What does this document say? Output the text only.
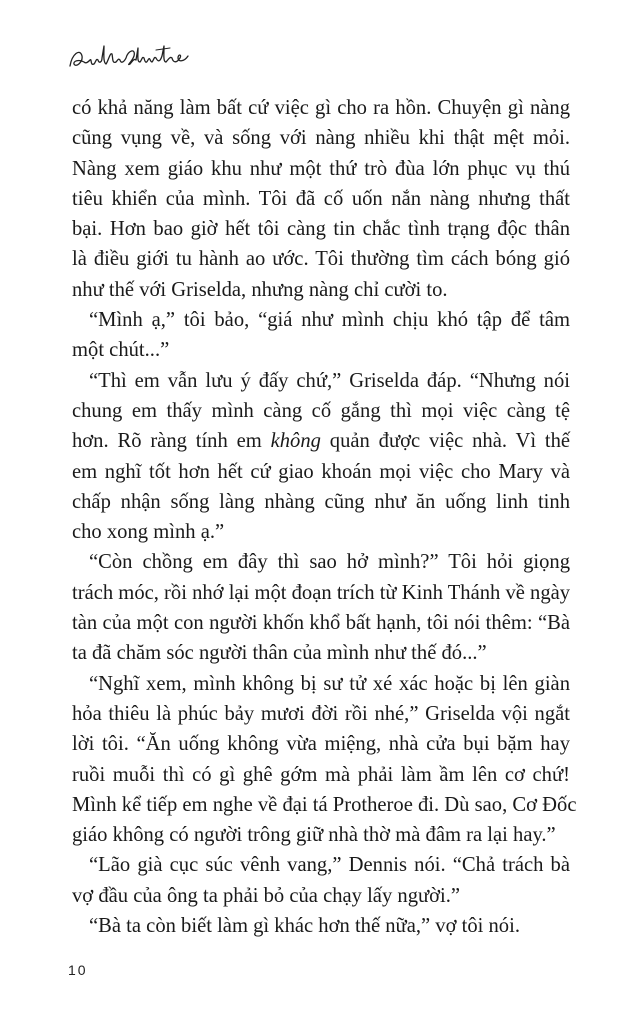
có khả năng làm bất cứ việc gì cho ra hồn. Chuyện gì nàng
cũng vụng về, và sống với nàng nhiều khi thật mệt mỏi.
Nàng xem giáo khu như một thứ trò đùa lớn phục vụ thú
tiêu khiển của mình. Tôi đã cố uốn nắn nàng nhưng thất
bại. Hơn bao giờ hết tôi càng tin chắc tình trạng độc thân
là điều giới tu hành ao ước. Tôi thường tìm cách bóng gió
như thế với Griselda, nhưng nàng chỉ cười to.

“Mình ạ,” tôi bảo, “giá như mình chịu khó tập để tâm
một chút...”

“Thì em vẫn lưu ý đấy chứ,” Griselda đáp. “Nhưng nói
chung em thấy mình càng cố gắng thì mọi việc càng tệ
hơn. Rõ ràng tính em không quản được việc nhà. Vì thế
em nghĩ tốt hơn hết cứ giao khoán mọi việc cho Mary và
chấp nhận sống làng nhàng cũng như ăn uống linh tinh
cho xong mình ạ.”

“Còn chồng em đây thì sao hở mình?” Tôi hỏi giọng
trách móc, rồi nhớ lại một đoạn trích từ Kinh Thánh về ngày
tàn của một con người khốn khổ bất hạnh, tôi nói thêm: “Bà
ta đã chăm sóc người thân của mình như thế đó...”

“Nghĩ xem, mình không bị sư tử xé xác hoặc bị lên giàn
hỏa thiêu là phúc bảy mươi đời rồi nhé,” Griselda vội ngắt
lời tôi. “Ăn uống không vừa miệng, nhà cửa bụi bặm hay
ruồi muỗi thì có gì ghê gớm mà phải làm ầm lên cơ chứ!
Mình kể tiếp em nghe về đại tá Protheroe đi. Dù sao, Cơ Đốc
giáo không có người trông giữ nhà thờ mà đâm ra lại hay.”

“Lão già cục súc vênh vang,” Dennis nói. “Chả trách bà
vợ đầu của ông ta phải bỏ của chạy lấy người.”

“Bà ta còn biết làm gì khác hơn thế nữa,” vợ tôi nói.

10
